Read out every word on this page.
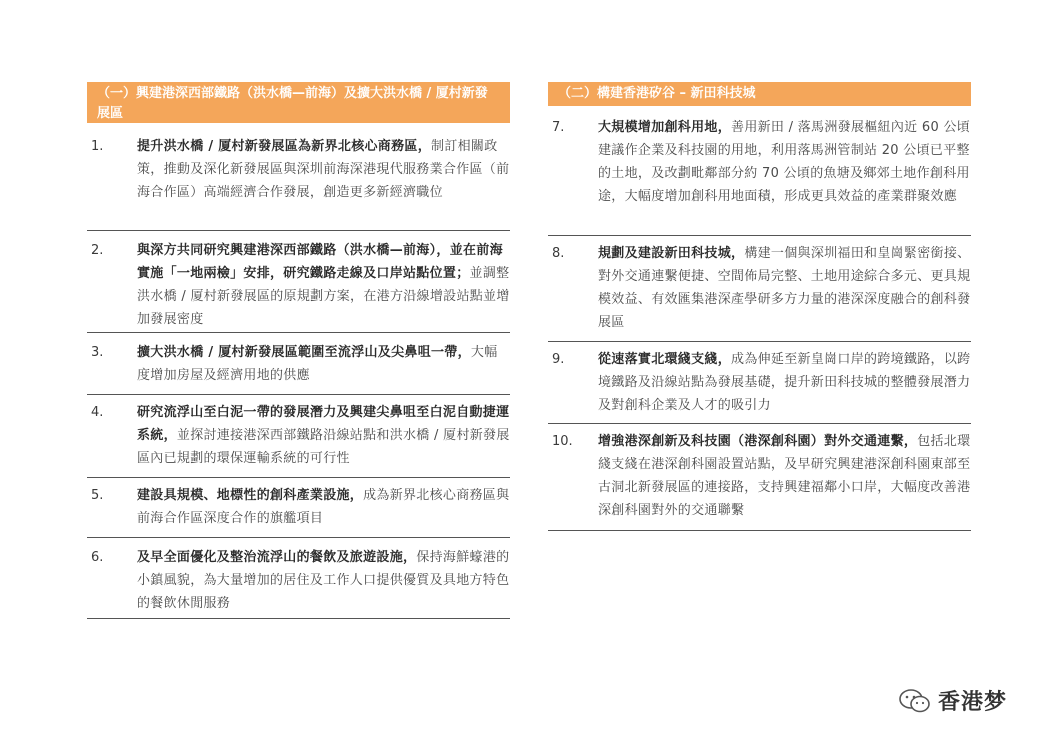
（一）興建港深西部鐵路（洪水橋—前海）及擴大洪水橋 / 厦村新發展區
1.	提升洪水橋 / 厦村新發展區為新界北核心商務區，制訂相關政策，推動及深化新發展區與深圳前海深港現代服務業合作區（前海合作區）高端經濟合作發展，創造更多新經濟職位
2.	與深方共同研究興建港深西部鐵路（洪水橋—前海），並在前海實施「一地兩檢」安排，研究鐵路走線及口岸站點位置；並調整洪水橋 / 厦村新發展區的原規劃方案，在港方沿線增設站點並增加發展密度
3.	擴大洪水橋 / 厦村新發展區範圍至流浮山及尖鼻咀一帶，大幅度增加房屋及經濟用地的供應
4.	研究流浮山至白泥一帶的發展潛力及興建尖鼻咀至白泥自動捷運系統，並探討連接港深西部鐵路沿線站點和洪水橋 / 厦村新發展區內已規劃的環保運輸系統的可行性
5.	建設具規模、地標性的創科產業設施，成為新界北核心商務區與前海合作區深度合作的旗艦項目
6.	及早全面優化及整治流浮山的餐飲及旅遊設施，保持海鮮蠔港的小鎮風貌，為大量增加的居住及工作人口提供優質及具地方特色的餐飲休閒服務
（二）構建香港矽谷 – 新田科技城
7.	大規模增加創科用地，善用新田 / 落馬洲發展樞紐內近 60 公頃建議作企業及科技園的用地，利用落馬洲管制站 20 公頃已平整的土地，及改劃毗鄰部分約 70 公頃的魚塘及鄉郊土地作創科用途，大幅度增加創科用地面積，形成更具效益的產業群聚效應
8.	規劃及建設新田科技城，構建一個與深圳福田和皇崗緊密銜接、對外交通連繫便捷、空間佈局完整、土地用途綜合多元、更具規模效益、有效匯集港深產學研多方力量的港深深度融合的創科發展區
9.	從速落實北環綫支綫，成為伸延至新皇崗口岸的跨境鐵路，以跨境鐵路及沿線站點為發展基礎，提升新田科技城的整體發展潛力及對創科企業及人才的吸引力
10.	增強港深創新及科技園（港深創科園）對外交通連繫，包括北環綫支綫在港深創科園設置站點，及早研究興建港深創科園東部至古洞北新發展區的連接路，支持興建福鄰小口岸，大幅度改善港深創科園對外的交通聯繫
香港梦
